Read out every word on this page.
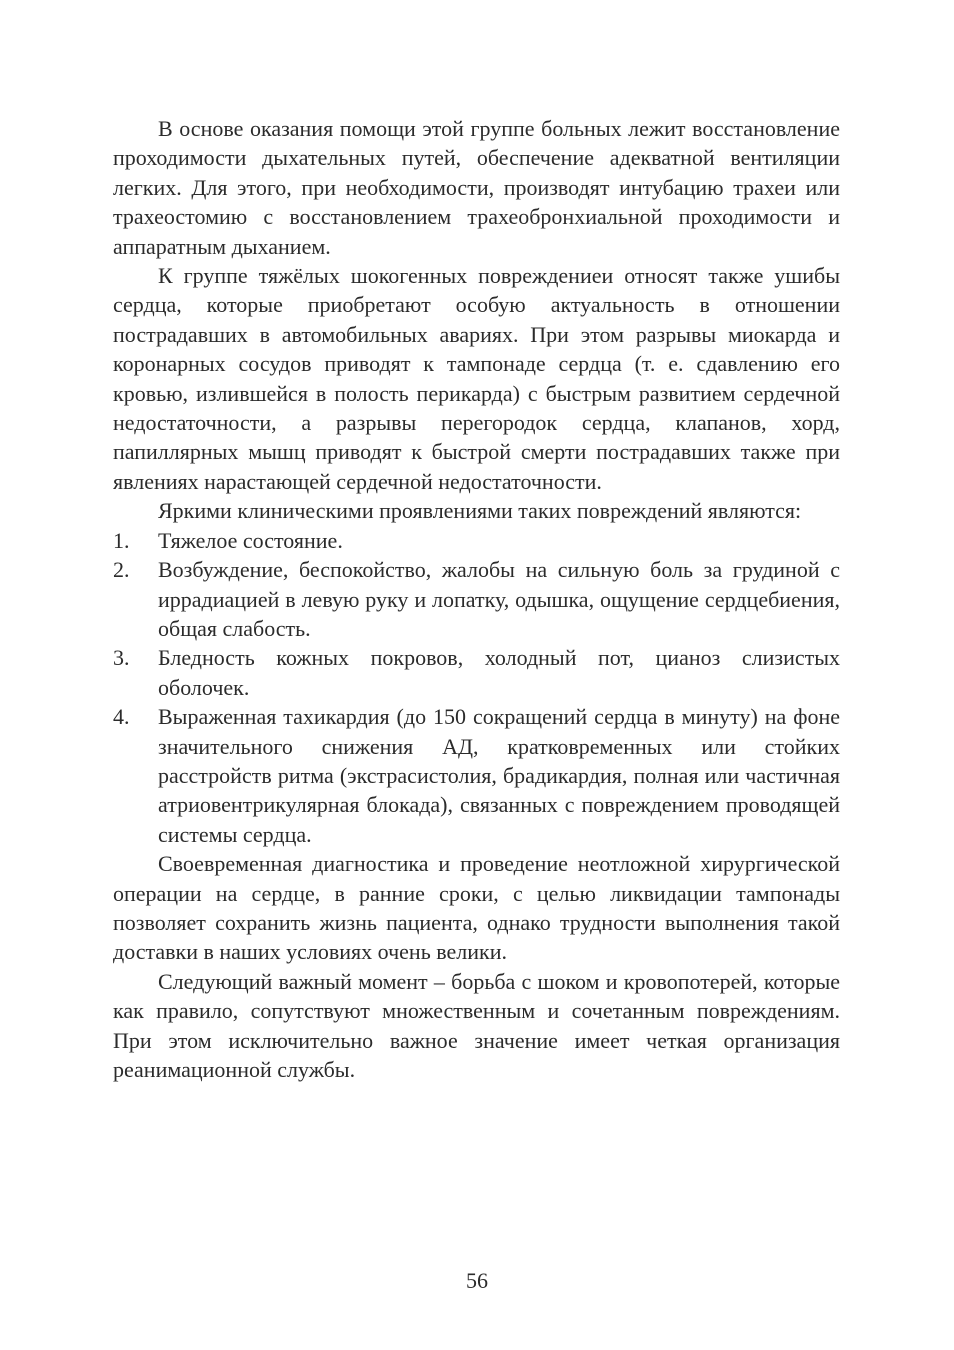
В основе оказания помощи этой группе больных лежит восстановление проходимости дыхательных путей, обеспечение адекватной вентиляции легких. Для этого, при необходимости, производят интубацию трахеи или трахеостомию с восстановлением трахеобронхиальной проходимости и аппаратным дыханием.

К группе тяжёлых шокогенных повреждениеи относят также ушибы сердца, которые приобретают особую актуальность в отношении пострадавших в автомобильных авариях. При этом разрывы миокарда и коронарных сосудов приводят к тампонаде сердца (т. е. сдавлению его кровью, излившейся в полость перикарда) с быстрым развитием сердечной недостаточности, а разрывы перегородок сердца, клапанов, хорд, папиллярных мышц приводят к быстрой смерти пострадавших также при явлениях нарастающей сердечной недостаточности.

Яркими клиническими проявлениями таких повреждений являются:

1.	Тяжелое состояние.
2.	Возбуждение, беспокойство, жалобы на сильную боль за грудиной с иррадиацией в левую руку и лопатку, одышка, ощущение сердцебиения, общая слабость.
3.	Бледность кожных покровов, холодный пот, цианоз слизистых оболочек.
4.	Выраженная тахикардия (до 150 сокращений сердца в минуту) на фоне значительного снижения АД, кратковременных или стойких расстройств ритма (экстрасистолия, брадикардия, полная или частичная атриовентрикулярная блокада), связанных с повреждением проводящей системы сердца.

Своевременная диагностика и проведение неотложной хирургической операции на сердце, в ранние сроки, с целью ликвидации тампонады позволяет сохранить жизнь пациента, однако трудности выполнения такой доставки в наших условиях очень велики.

Следующий важный момент – борьба с шоком и кровопотерей, которые как правило, сопутствуют множественным и сочетанным повреждениям. При этом исключительно важное значение имеет четкая организация реанимационной службы.

56
